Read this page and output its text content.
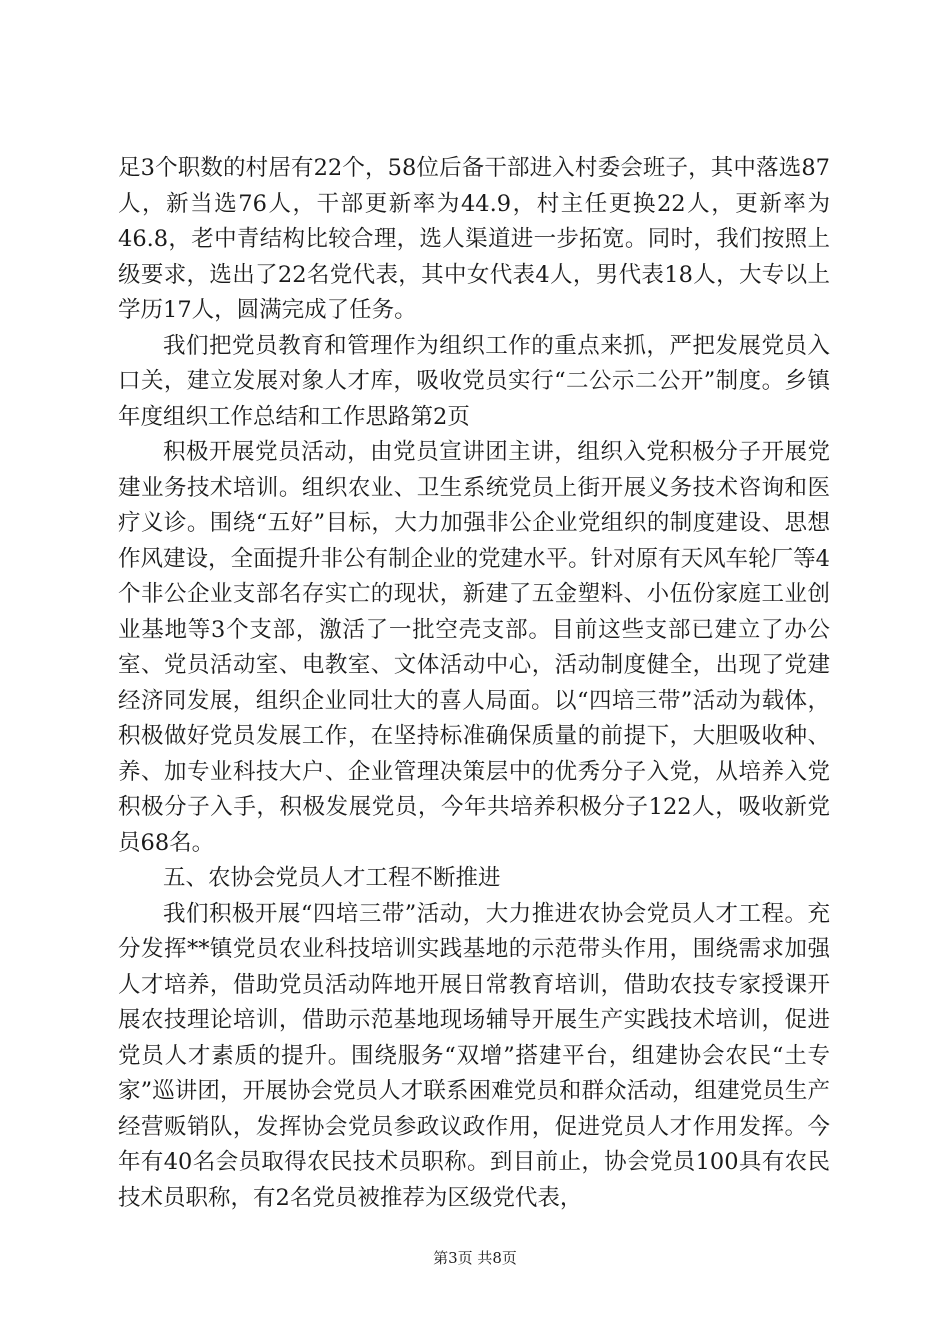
足3个职数的村居有22个，58位后备干部进入村委会班子，其中落选87人，新当选76人，干部更新率为44.9，村主任更换22人，更新率为46.8，老中青结构比较合理，选人渠道进一步拓宽。同时，我们按照上级要求，选出了22名党代表，其中女代表4人，男代表18人，大专以上学历17人，圆满完成了任务。

我们把党员教育和管理作为组织工作的重点来抓，严把发展党员入口关，建立发展对象人才库，吸收党员实行“二公示二公开”制度。乡镇年度组织工作总结和工作思路第2页

积极开展党员活动，由党员宣讲团主讲，组织入党积极分子开展党建业务技术培训。组织农业、卫生系统党员上街开展义务技术咨询和医疗义诊。围绕“五好”目标，大力加强非公企业党组织的制度建设、思想作风建设，全面提升非公有制企业的党建水平。针对原有天风车轮厂等4个非公企业支部名存实亡的现状，新建了五金塑料、小伍份家庭工业创业基地等3个支部，激活了一批空壳支部。目前这些支部已建立了办公室、党员活动室、电教室、文体活动中心，活动制度健全，出现了党建经济同发展，组织企业同壮大的喜人局面。以“四培三带”活动为载体，积极做好党员发展工作，在坚持标准确保质量的前提下，大胆吸收种、养、加专业科技大户、企业管理决策层中的优秀分子入党，从培养入党积极分子入手，积极发展党员，今年共培养积极分子122人，吸收新党员68名。

五、农协会党员人才工程不断推进

我们积极开展“四培三带”活动，大力推进农协会党员人才工程。充分发挥**镇党员农业科技培训实践基地的示范带头作用，围绕需求加强人才培养，借助党员活动阵地开展日常教育培训，借助农技专家授课开展农技理论培训，借助示范基地现场辅导开展生产实践技术培训，促进党员人才素质的提升。围绕服务“双增”搭建平台，组建协会农民“土专家”巡讲团，开展协会党员人才联系困难党员和群众活动，组建党员生产经营贩销队，发挥协会党员参政议政作用，促进党员人才作用发挥。今年有40名会员取得农民技术员职称。到目前止，协会党员100具有农民技术员职称，有2名党员被推荐为区级党代表，

第3页 共8页
